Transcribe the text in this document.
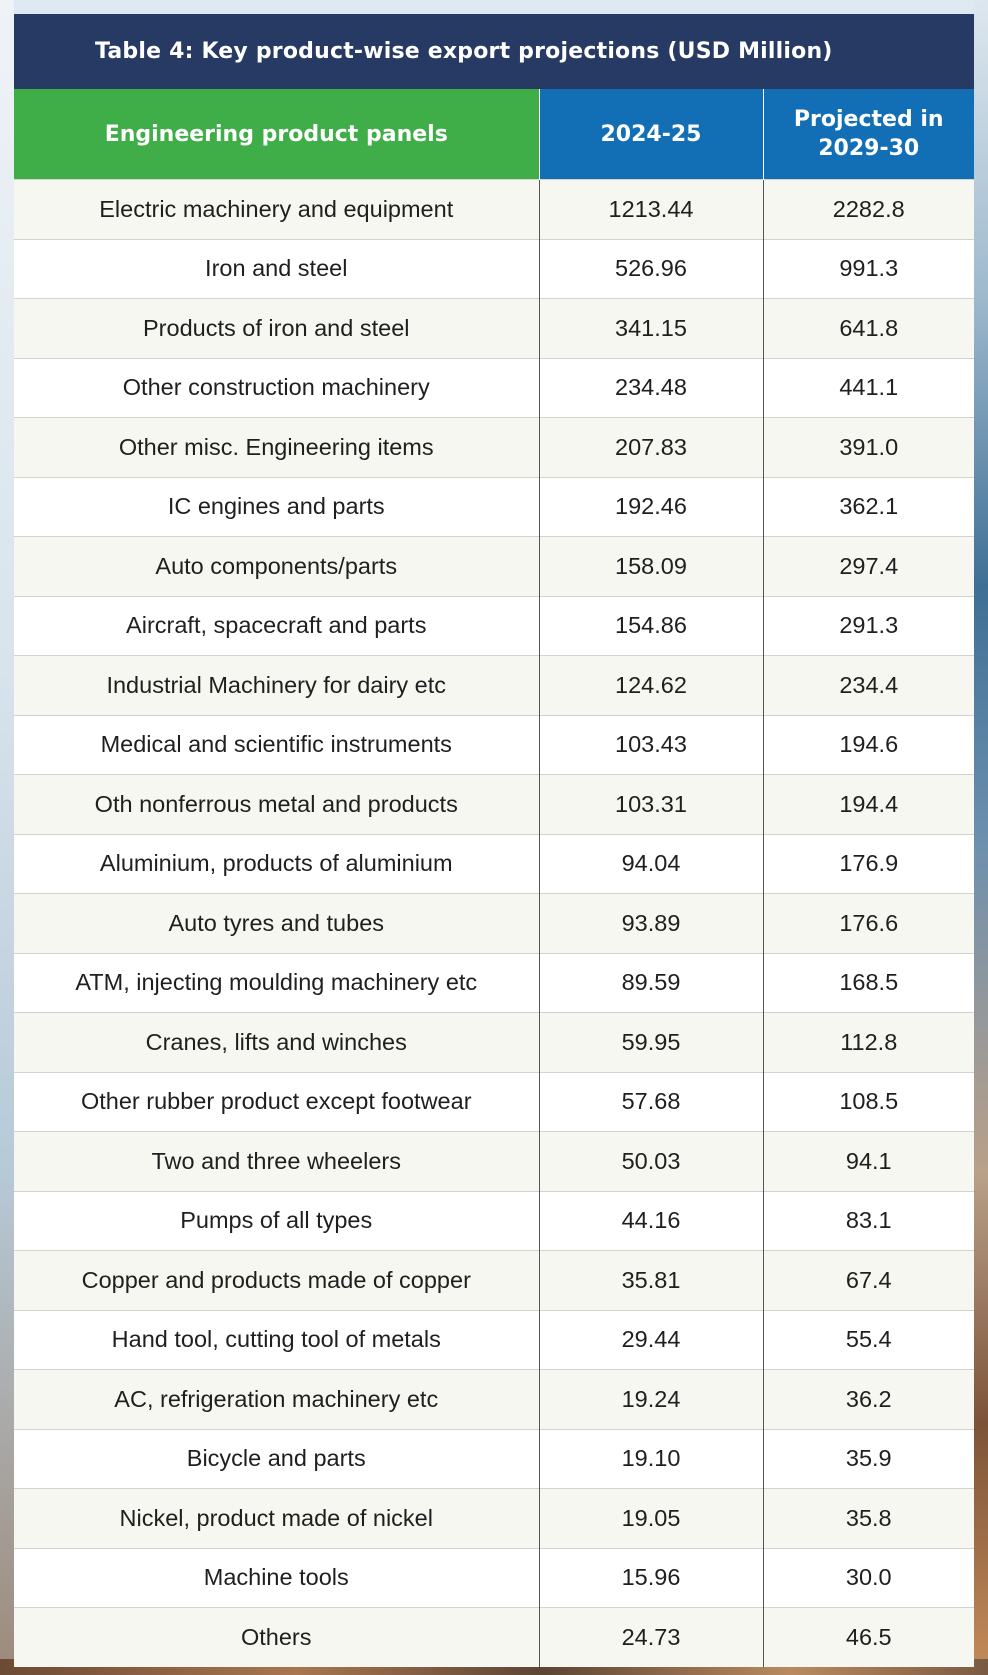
Table 4: Key product-wise export projections (USD Million)
Engineering product panels	2024-25	Projected in
2029-30
Electric machinery and equipment	1213.44	2282.8
Iron and steel	526.96	991.3
Products of iron and steel	341.15	641.8
Other construction machinery	234.48	441.1
Other misc. Engineering items	207.83	391.0
IC engines and parts	192.46	362.1
Auto components/parts	158.09	297.4
Aircraft, spacecraft and parts	154.86	291.3
Industrial Machinery for dairy etc	124.62	234.4
Medical and scientific instruments	103.43	194.6
Oth nonferrous metal and products	103.31	194.4
Aluminium, products of aluminium	94.04	176.9
Auto tyres and tubes	93.89	176.6
ATM, injecting moulding machinery etc	89.59	168.5
Cranes, lifts and winches	59.95	112.8
Other rubber product except footwear	57.68	108.5
Two and three wheelers	50.03	94.1
Pumps of all types	44.16	83.1
Copper and products made of copper	35.81	67.4
Hand tool, cutting tool of metals	29.44	55.4
AC, refrigeration machinery etc	19.24	36.2
Bicycle and parts	19.10	35.9
Nickel, product made of nickel	19.05	35.8
Machine tools	15.96	30.0
Others	24.73	46.5
